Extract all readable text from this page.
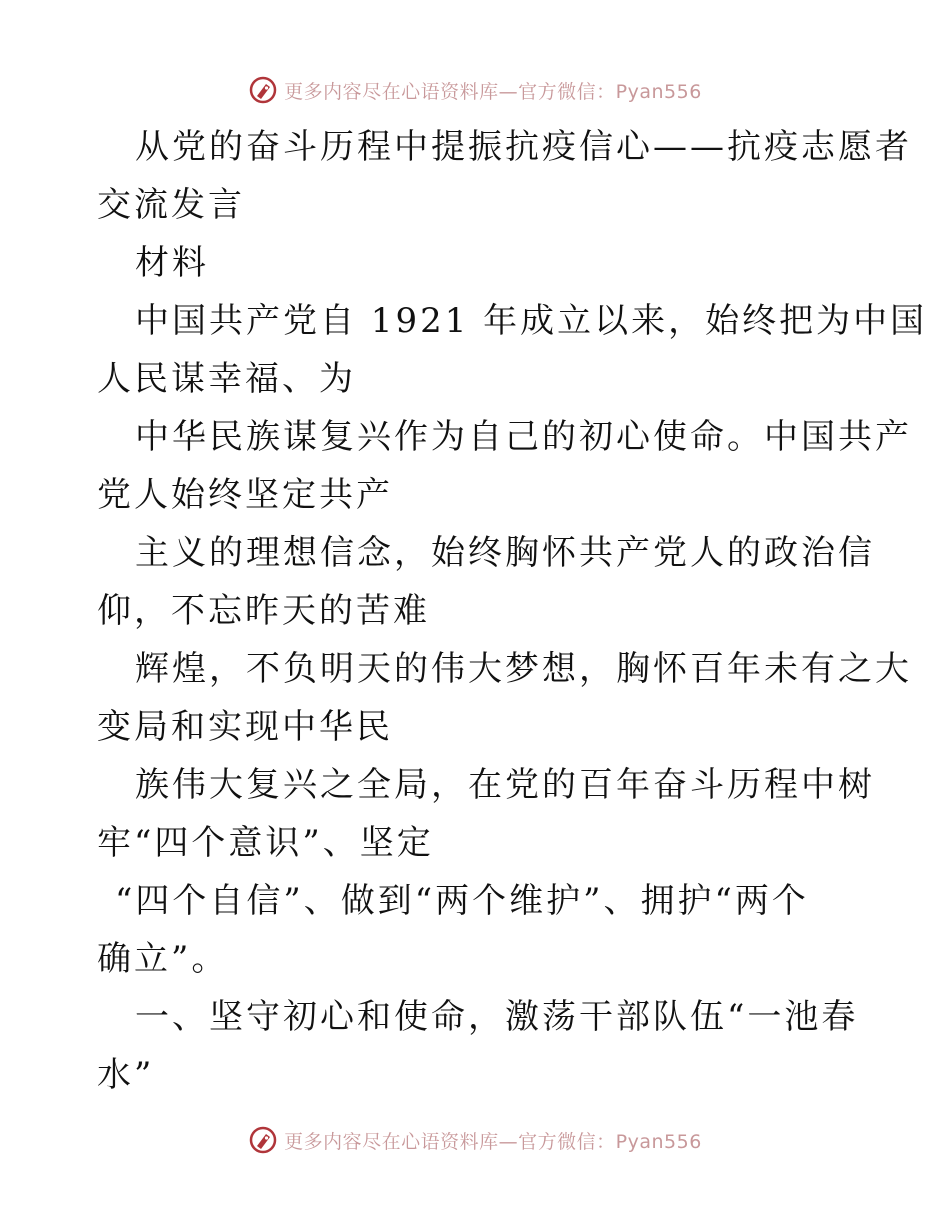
更多内容尽在心语资料库—官方微信：Pyan556
从党的奋斗历程中提振抗疫信心——抗疫志愿者
交流发言
材料
中国共产党自 1921 年成立以来，始终把为中国
人民谋幸福、为
中华民族谋复兴作为自己的初心使命。中国共产
党人始终坚定共产
主义的理想信念，始终胸怀共产党人的政治信
仰，不忘昨天的苦难
辉煌，不负明天的伟大梦想，胸怀百年未有之大
变局和实现中华民
族伟大复兴之全局，在党的百年奋斗历程中树
牢“四个意识”、坚定
“四个自信”、做到“两个维护”、拥护“两个
确立”。
一、坚守初心和使命，激荡干部队伍“一池春
水”
更多内容尽在心语资料库—官方微信：Pyan556
